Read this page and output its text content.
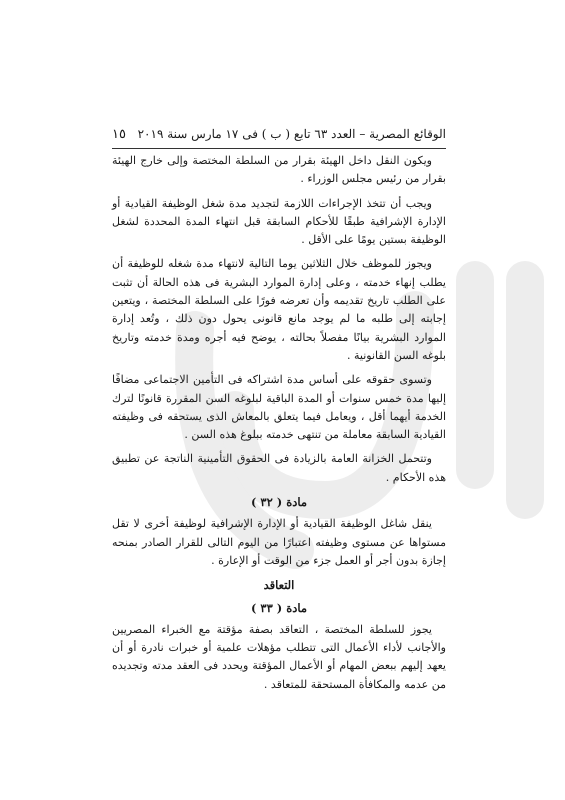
الوقائع المصرية – العدد ٦٣ تابع ( ب ) فى ١٧ مارس سنة ٢٠١٩
١٥

ويكون النقل داخل الهيئة بقرار من السلطة المختصة وإلى خارج الهيئة بقرار من رئيس مجلس الوزراء .

ويجب أن تتخذ الإجراءات اللازمة لتجديد مدة شغل الوظيفة القيادية أو الإدارة الإشرافية طبقًا للأحكام السابقة قبل انتهاء المدة المحددة لشغل الوظيفة بستين يومًا على الأقل .

ويجوز للموظف خلال الثلاثين يوما التالية لانتهاء مدة شغله للوظيفة أن يطلب إنهاء خدمته ، وعلى إدارة الموارد البشرية فى هذه الحالة أن تثبت على الطلب تاريخ تقديمه وأن تعرضه فورًا على السلطة المختصة ، ويتعين إجابته إلى طلبه ما لم يوجد مانع قانونى يحول دون ذلك ، وتُعد إدارة الموارد البشرية بيانًا مفصلاً بحالته ، يوضح فيه أجره ومدة خدمته وتاريخ بلوغه السن القانونية .

وتسوى حقوقه على أساس مدة اشتراكه فى التأمين الاجتماعى مضافًا إليها مدة خمس سنوات أو المدة الباقية لبلوغه السن المقررة قانونًا لترك الخدمة أيهما أقل ، ويعامل فيما يتعلق بالمعاش الذى يستحقه فى وظيفته القيادية السابقة معاملة من تنتهى خدمته ببلوغ هذه السن .

وتتحمل الخزانة العامة بالزيادة فى الحقوق التأمينية الناتجة عن تطبيق هذه الأحكام .

مادة ( ٣٢ )

ينقل شاغل الوظيفة القيادية أو الإدارة الإشرافية لوظيفة أخرى لا تقل مستواها عن مستوى وظيفته اعتبارًا من اليوم التالى للقرار الصادر بمنحه إجازة بدون أجر أو العمل جزء من الوقت أو الإعارة .

التعاقد
مادة ( ٣٣ )

يجوز للسلطة المختصة ، التعاقد بصفة مؤقتة مع الخبراء المصريين والأجانب لأداء الأعمال التى تتطلب مؤهلات علمية أو خبرات نادرة أو أن يعهد إليهم ببعض المهام أو الأعمال المؤقتة ويحدد فى العقد مدته وتجديده من عدمه والمكافأة المستحقة للمتعاقد .
